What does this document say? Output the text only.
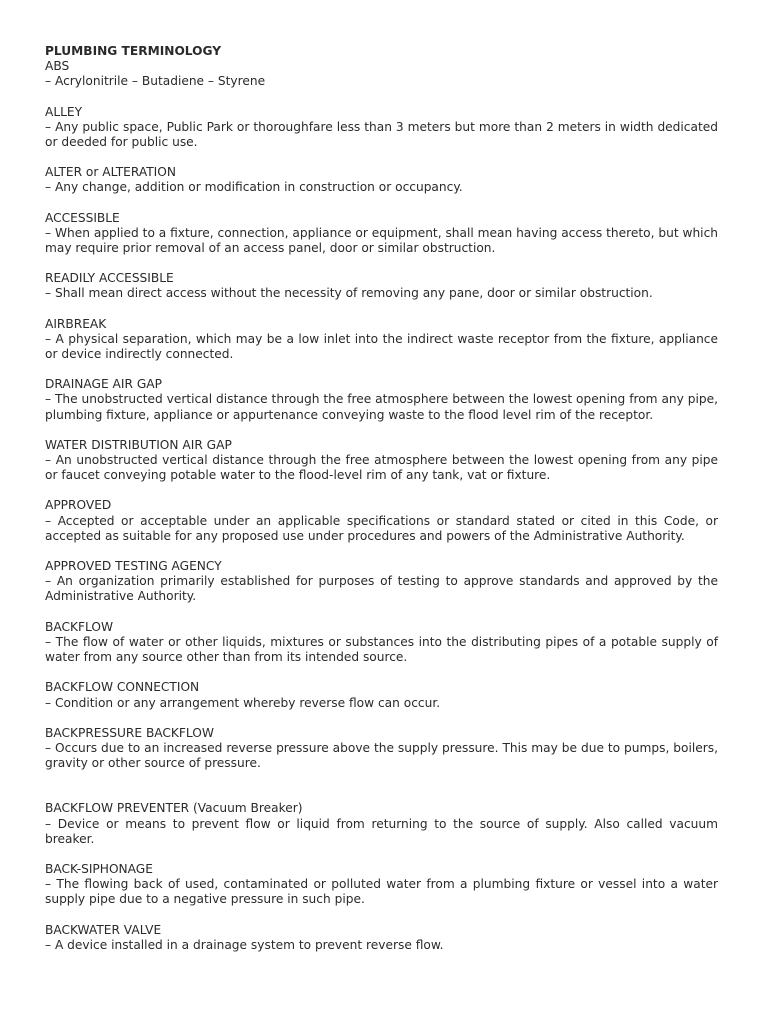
PLUMBING TERMINOLOGY
ABS
– Acrylonitrile – Butadiene – Styrene
ALLEY
– Any public space, Public Park or thoroughfare less than 3 meters but more than 2 meters in width dedicated or deeded for public use.
ALTER or ALTERATION
– Any change, addition or modification in construction or occupancy.
ACCESSIBLE
– When applied to a fixture, connection, appliance or equipment, shall mean having access thereto, but which may require prior removal of an access panel, door or similar obstruction.
READILY ACCESSIBLE
– Shall mean direct access without the necessity of removing any pane, door or similar obstruction.
AIRBREAK
– A physical separation, which may be a low inlet into the indirect waste receptor from the fixture, appliance or device indirectly connected.
DRAINAGE AIR GAP
– The unobstructed vertical distance through the free atmosphere between the lowest opening from any pipe, plumbing fixture, appliance or appurtenance conveying waste to the flood level rim of the receptor.
WATER DISTRIBUTION AIR GAP
– An unobstructed vertical distance through the free atmosphere between the lowest opening from any pipe or faucet conveying potable water to the flood-level rim of any tank, vat or fixture.
APPROVED
– Accepted or acceptable under an applicable specifications or standard stated or cited in this Code, or accepted as suitable for any proposed use under procedures and powers of the Administrative Authority.
APPROVED TESTING AGENCY
– An organization primarily established for purposes of testing to approve standards and approved by the Administrative Authority.
BACKFLOW
– The flow of water or other liquids, mixtures or substances into the distributing pipes of a potable supply of water from any source other than from its intended source.
BACKFLOW CONNECTION
– Condition or any arrangement whereby reverse flow can occur.
BACKPRESSURE BACKFLOW
– Occurs due to an increased reverse pressure above the supply pressure. This may be due to pumps, boilers, gravity or other source of pressure.
BACKFLOW PREVENTER (Vacuum Breaker)
– Device or means to prevent flow or liquid from returning to the source of supply. Also called vacuum breaker.
BACK-SIPHONAGE
– The flowing back of used, contaminated or polluted water from a plumbing fixture or vessel into a water supply pipe due to a negative pressure in such pipe.
BACKWATER VALVE
– A device installed in a drainage system to prevent reverse flow.
